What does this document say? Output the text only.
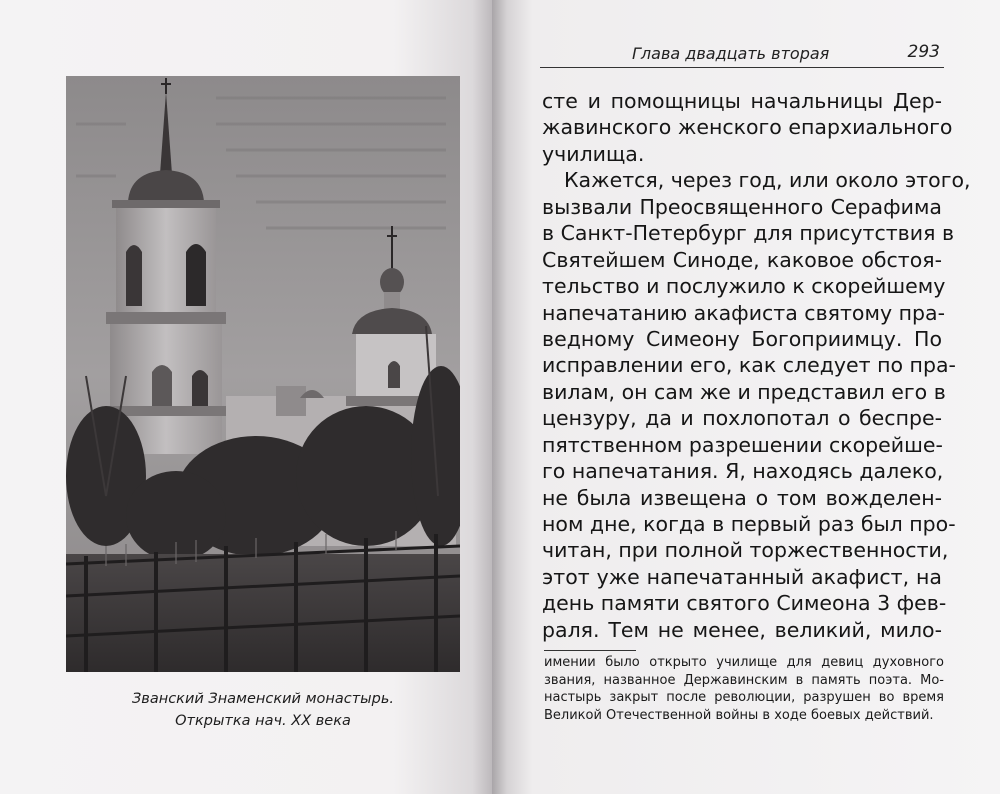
Званский Знаменский монастырь.
Открытка нач. XX века
Глава двадцать вторая	293
сте и помощницы начальницы Дер-
жавинского женского епархиального
училища.
Кажется, через год, или около этого,
вызвали Преосвященного Серафима
в Санкт-Петербург для присутствия в
Святейшем Синоде, каковое обстоя-
тельство и послужило к скорейшему
напечатанию акафиста святому пра-
ведному Симеону Богоприимцу. По
исправлении его, как следует по пра-
вилам, он сам же и представил его в
цензуру, да и похлопотал о беспре-
пятственном разрешении скорейше-
го напечатания. Я, находясь далеко,
не была извещена о том вожделен-
ном дне, когда в первый раз был про-
читан, при полной торжественности,
этот уже напечатанный акафист, на
день памяти святого Симеона 3 фев-
раля. Тем не менее, великий, мило-
имении было открыто училище для девиц духовного
звания, названное Державинским в память поэта. Мо-
настырь закрыт после революции, разрушен во время
Великой Отечественной войны в ходе боевых действий.
